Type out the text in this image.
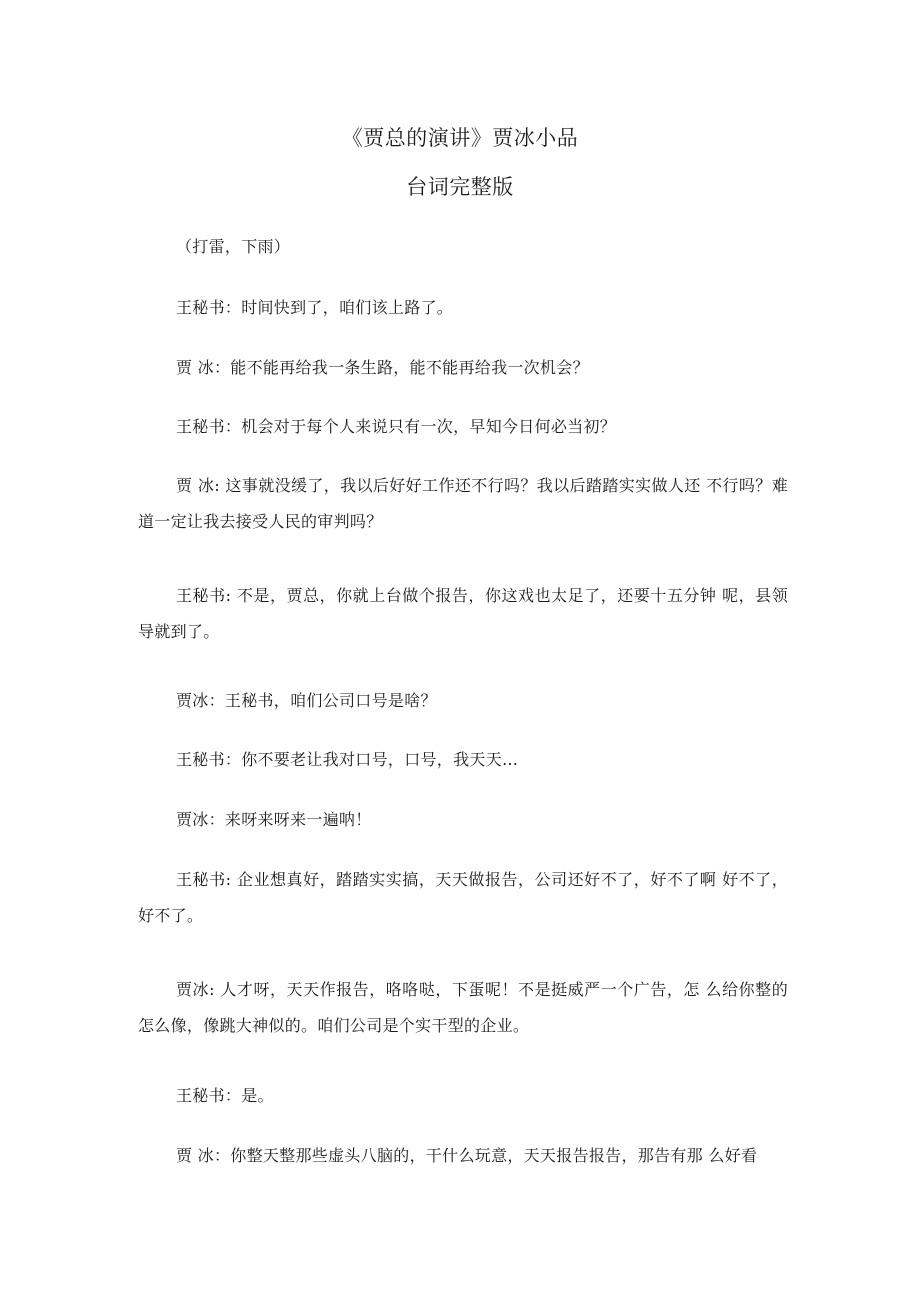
《贾总的演讲》贾冰小品
台词完整版
（打雷，下雨）
王秘书：时间快到了，咱们该上路了。
贾 冰：能不能再给我一条生路，能不能再给我一次机会？
王秘书：机会对于每个人来说只有一次，早知今日何必当初？
贾 冰: 这事就没缓了，我以后好好工作还不行吗？我以后踏踏实实做人还 不行吗？难道一定让我去接受人民的审判吗？
王秘书: 不是，贾总，你就上台做个报告，你这戏也太足了，还要十五分钟 呢，县领导就到了。
贾冰：王秘书，咱们公司口号是啥？
王秘书：你不要老让我对口号，口号，我天天…
贾冰：来呀来呀来一遍呐！
王秘书: 企业想真好，踏踏实实搞，天天做报告，公司还好不了，好不了啊 好不了，好不了。
贾冰: 人才呀，天天作报告，咯咯哒，下蛋呢！不是挺威严一个广告，怎 么给你整的怎么像，像跳大神似的。咱们公司是个实干型的企业。
王秘书：是。
贾 冰：你整天整那些虚头八脑的，干什么玩意，天天报告报告，那告有那 么好看
